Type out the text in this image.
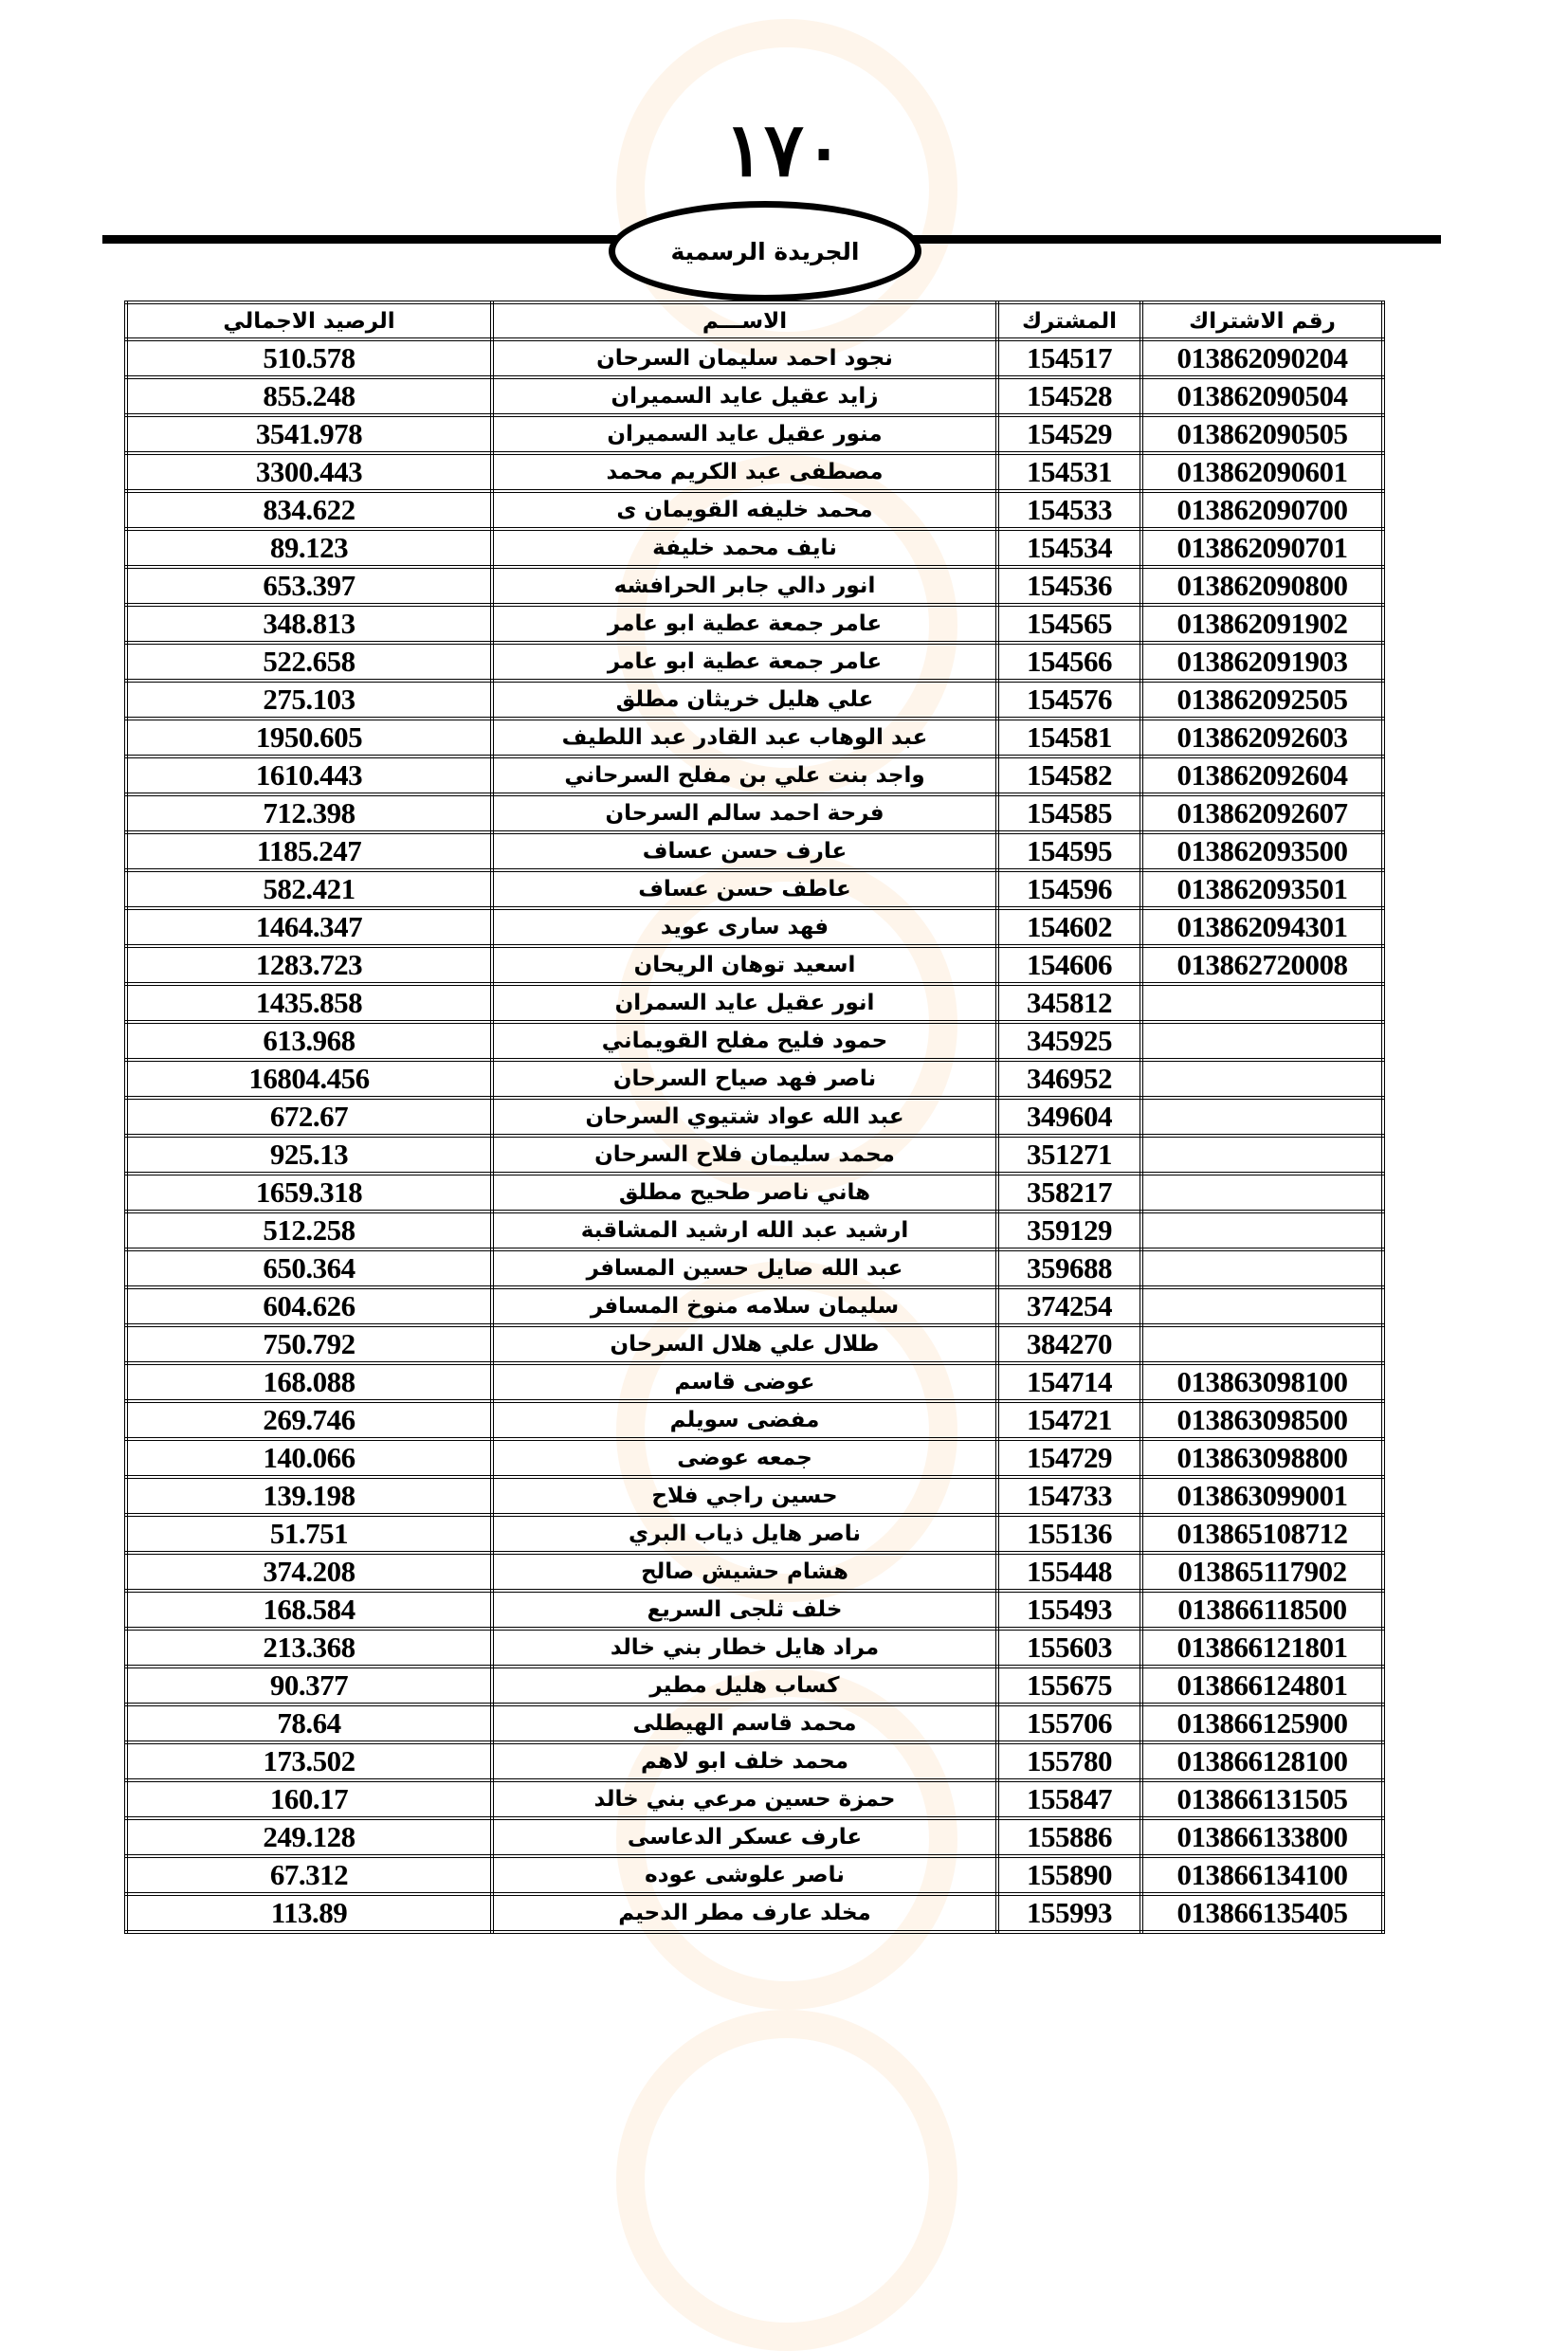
١٧٠
الجريدة الرسمية
رقم الاشتراك	المشترك	الاســـم	الرصيد الاجمالي
013862090204	154517	نجود احمد سليمان السرحان	510.578
013862090504	154528	زايد عقيل عايد السميران	855.248
013862090505	154529	منور عقيل عايد السميران	3541.978
013862090601	154531	مصطفى عبد الكريم محمد	3300.443
013862090700	154533	محمد خليفه القويمان ى	834.622
013862090701	154534	نايف محمد خليفة	89.123
013862090800	154536	انور دالي جابر الحرافشه	653.397
013862091902	154565	عامر جمعة عطية ابو عامر	348.813
013862091903	154566	عامر جمعة عطية ابو عامر	522.658
013862092505	154576	علي هليل خريثان مطلق	275.103
013862092603	154581	عبد الوهاب عبد القادر عبد اللطيف	1950.605
013862092604	154582	واجد بنت علي بن مفلح السرحاني	1610.443
013862092607	154585	فرحة احمد سالم السرحان	712.398
013862093500	154595	عارف حسن عساف	1185.247
013862093501	154596	عاطف حسن عساف	582.421
013862094301	154602	فهد سارى عويد	1464.347
013862720008	154606	اسعيد توهان الريحان	1283.723
	345812	انور عقيل عايد السمران	1435.858
	345925	حمود فليح مفلح القويماني	613.968
	346952	ناصر فهد صياح السرحان	16804.456
	349604	عبد الله عواد شتيوي السرحان	672.67
	351271	محمد سليمان فلاح السرحان	925.13
	358217	هاني ناصر طحيح مطلق	1659.318
	359129	ارشيد عبد الله ارشيد المشاقبة	512.258
	359688	عبد الله صايل حسين المسافر	650.364
	374254	سليمان سلامه منوخ المسافر	604.626
	384270	طلال علي هلال السرحان	750.792
013863098100	154714	عوضى قاسم	168.088
013863098500	154721	مفضى سويلم	269.746
013863098800	154729	جمعه عوضى	140.066
013863099001	154733	حسين راجي فلاح	139.198
013865108712	155136	ناصر هايل ذياب البري	51.751
013865117902	155448	هشام حشيش صالح	374.208
013866118500	155493	خلف ثلجى السريع	168.584
013866121801	155603	مراد هايل خطار بني خالد	213.368
013866124801	155675	كساب هليل مطير	90.377
013866125900	155706	محمد قاسم الهيطلى	78.64
013866128100	155780	محمد خلف ابو لاهم	173.502
013866131505	155847	حمزة حسين مرعي بني خالد	160.17
013866133800	155886	عارف عسكر الدعاسى	249.128
013866134100	155890	ناصر علوشى عوده	67.312
013866135405	155993	مخلد عارف مطر الدحيم	113.89
